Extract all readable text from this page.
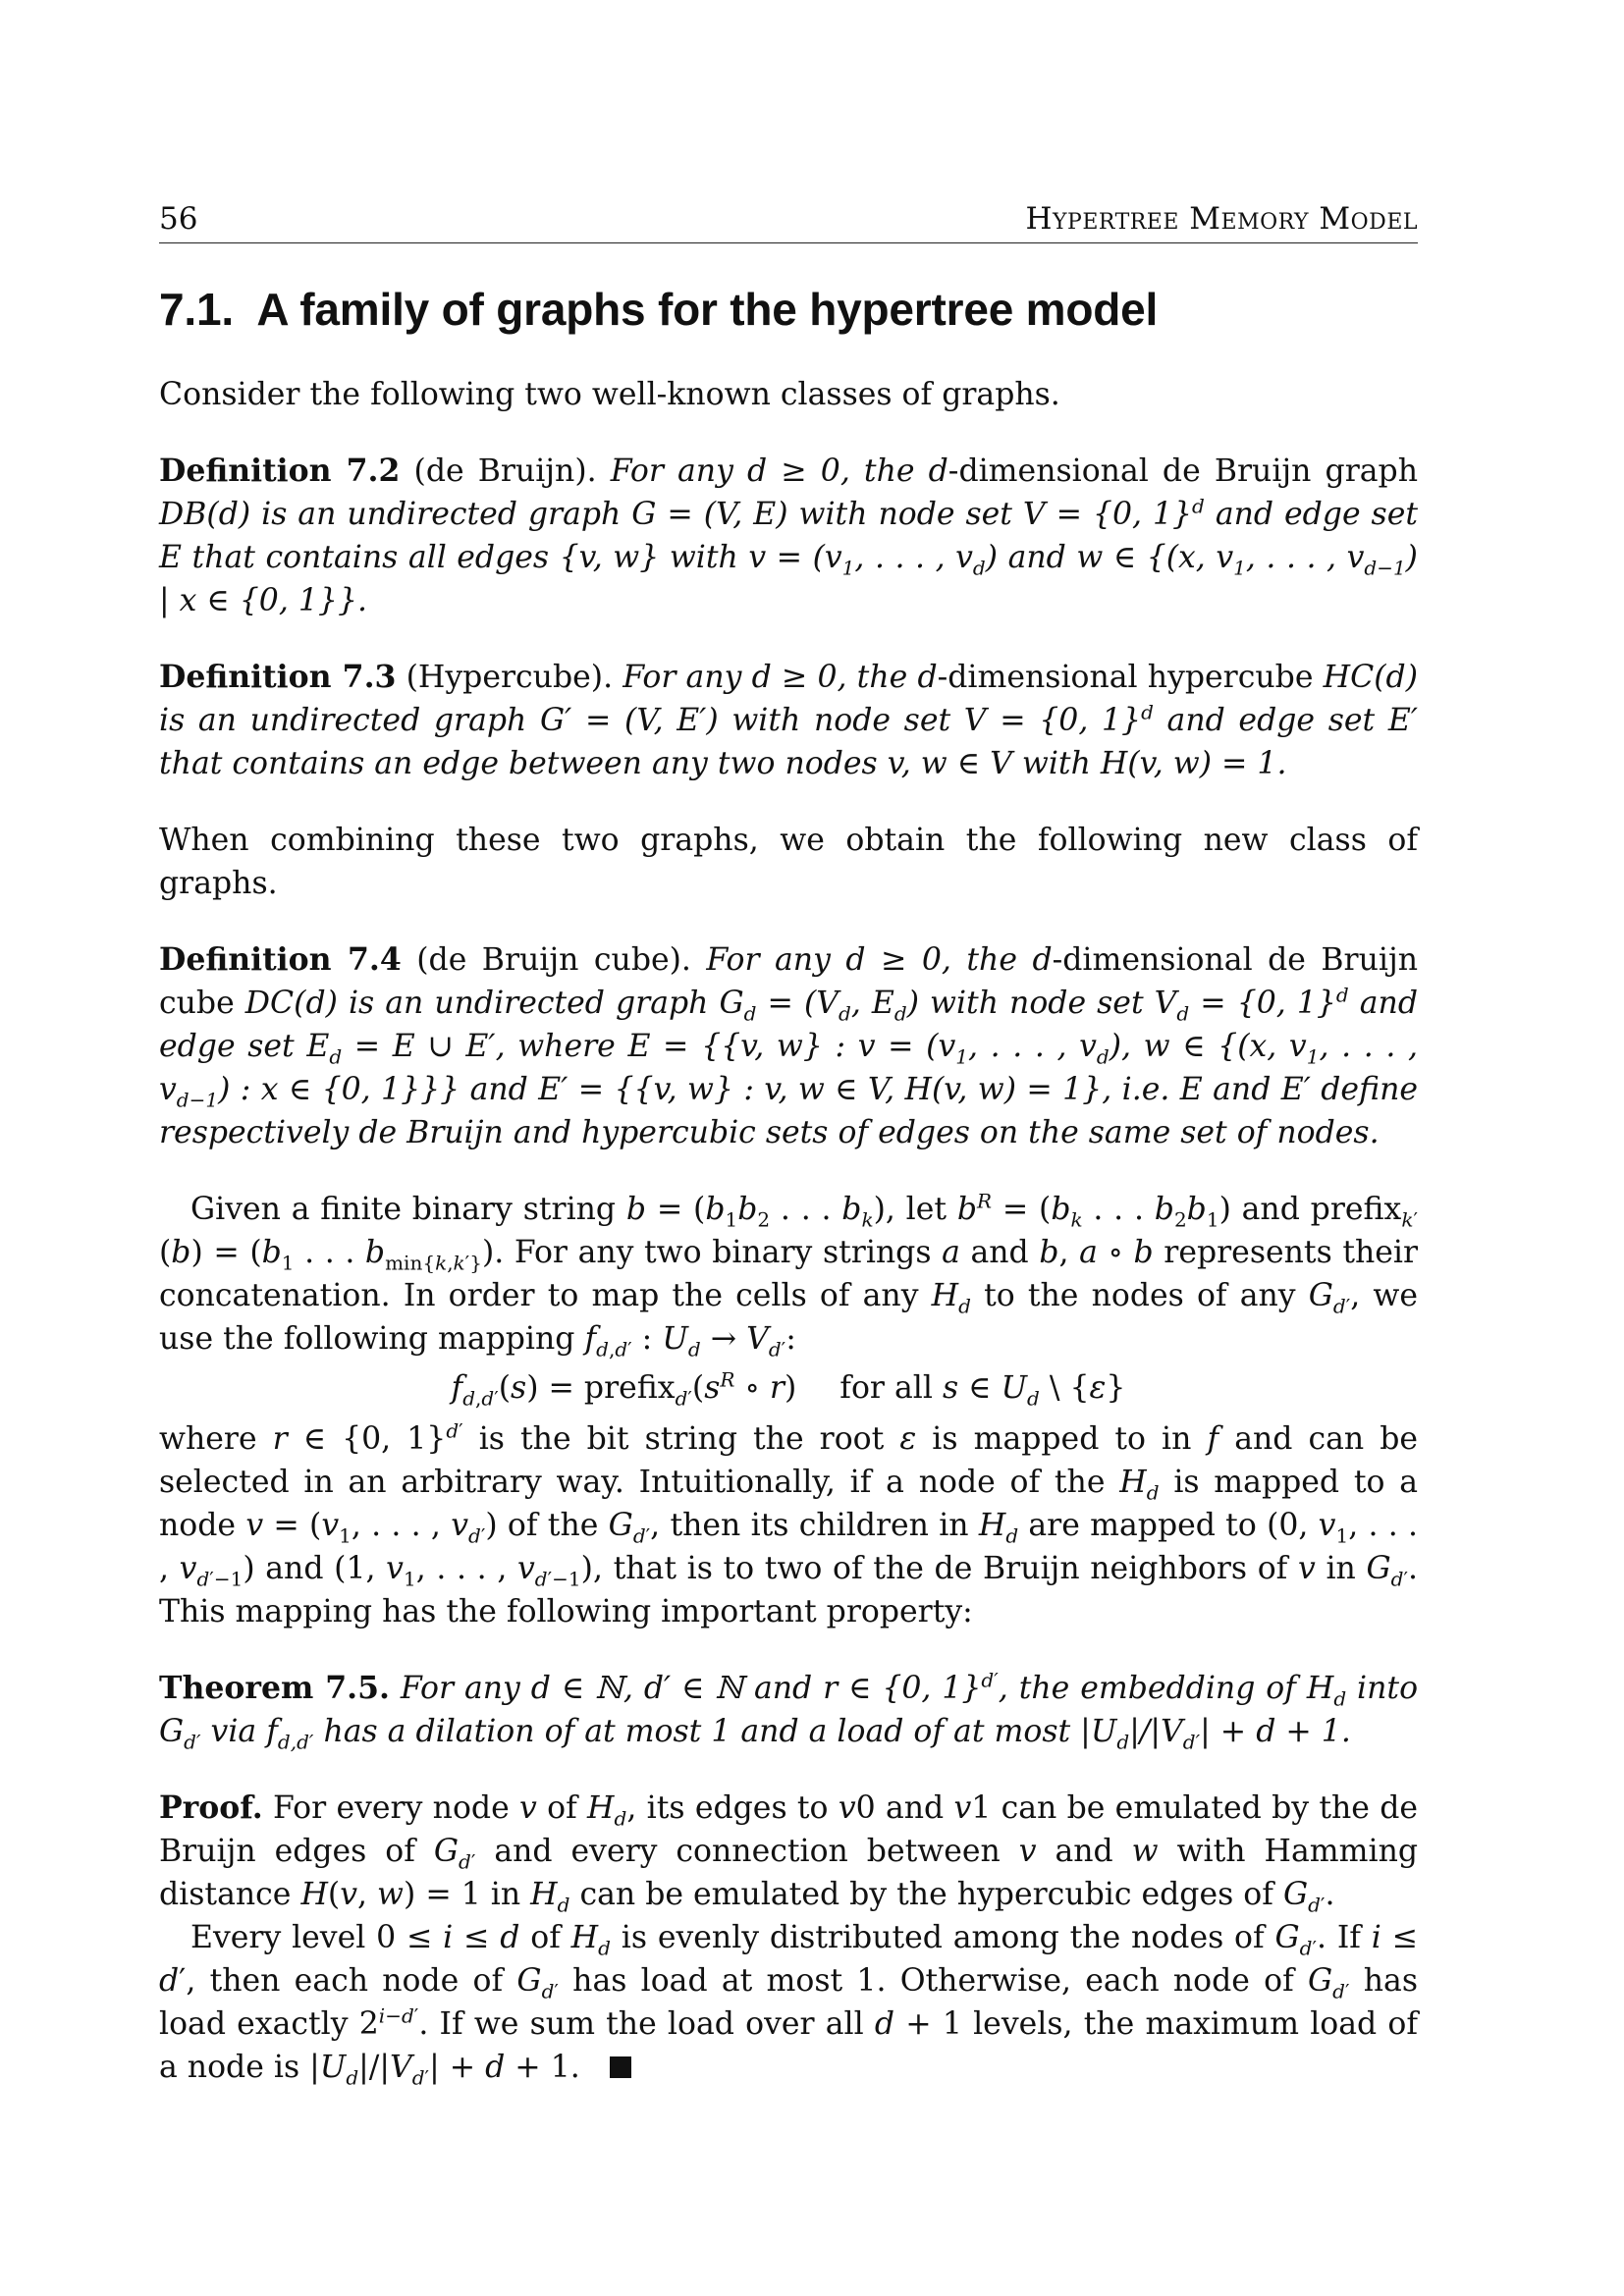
56	Hypertree Memory Model
7.1. A family of graphs for the hypertree model

Consider the following two well-known classes of graphs.

Definition 7.2 (de Bruijn). For any d ≥ 0, the d-dimensional de Bruijn graph DB(d) is an undirected graph G = (V, E) with node set V = {0, 1}$^d$ and edge set E that contains all edges {v, w} with $v = (v_1$, . . . , $v_d$) and w ∈ {(x, $v_1$, . . . , $v_{d-1}$) | x ∈ {0, 1}}.

Definition 7.3 (Hypercube). For any d ≥ 0, the d-dimensional hypercube HC(d) is an undirected graph G′ = (V, E′) with node set V = {0, 1}$^d$ and edge set E′ that contains an edge between any two nodes v, w ∈ V with H(v, w) = 1.

When combining these two graphs, we obtain the following new class of graphs.

Definition 7.4 (de Bruijn cube). For any d ≥ 0, the d-dimensional de Bruijn cube DC(d) is an undirected graph $G_d = (V_d$, $E_d$) with node set $V_d = \{0$, 1}$^d$ and edge set $E_d = E$ ∪ E′, where E = {{v, w} : $v = (v_1$, . . . , $v_d$), w ∈ {(x, $v_1$, . . . , $v_{d-1}$) : x ∈ {0, 1}}} and E′ = {{v, w} : v, w ∈ V, H(v, w) = 1}, i.e. E and E′ define respectively de Bruijn and hypercubic sets of edges on the same set of nodes.

Given a finite binary string $b = (b_1b_2$ . . . $b_k$), let $b^R = (b_k$ . . . $b_2b_1$) and prefix$_{k'}$(b) = ($b_1$ . . . $b_{min\{k,k'\}}$). For any two binary strings a and b, a ∘ b represents their concatenation. In order to map the cells of any $H_d$ to the nodes of any $G_{d'}$, we use the following mapping $f_{d,d'}$ : $U_d \to V_{d'}$:

$f_{d,d'}(s)$ = $prefix_{d'}(s^R$ ∘ r) for all s ∈ $U_d$ \ {ε}

where r ∈ {0, 1}$^{d'}$ is the bit string the root ε is mapped to in f and can be selected in an arbitrary way. Intuitionally, if a node of the $H_d$ is mapped to a node $v = (v_1$, . . . , $v_{d'}$) of the $G_{d'}$, then its children in $H_d$ are mapped to (0, $v_1$, . . . , $v_{d'-1}$) and (1, $v_1$, . . . , $v_{d'-1}$), that is to two of the de Bruijn neighbors of v in $G_{d'}$. This mapping has the following important property:

Theorem 7.5. For any d ∈ ℕ, d′ ∈ ℕ and r ∈ {0, 1}$^{d'}$, the embedding of $H_d$ into $G_{d'}$ via $f_{d,d'}$ has a dilation of at most 1 and a load of at most $|U_d|/|V_{d'}| + d + 1$.

Proof. For every node v of $H_d$, its edges to v0 and v1 can be emulated by the de Bruijn edges of $G_{d'}$ and every connection between v and w with Hamming distance H(v, w) = 1 in $H_d$ can be emulated by the hypercubic edges of $G_{d'}$.

Every level 0 ≤ i ≤ d of $H_d$ is evenly distributed among the nodes of $G_{d'}$. If i ≤ d′, then each node of $G_{d'}$ has load at most 1. Otherwise, each node of $G_{d'}$ has load exactly $2^{i-d'}$. If we sum the load over all d + 1 levels, the maximum load of a node is $|U_d|/|V_{d'}| + d + 1$.
